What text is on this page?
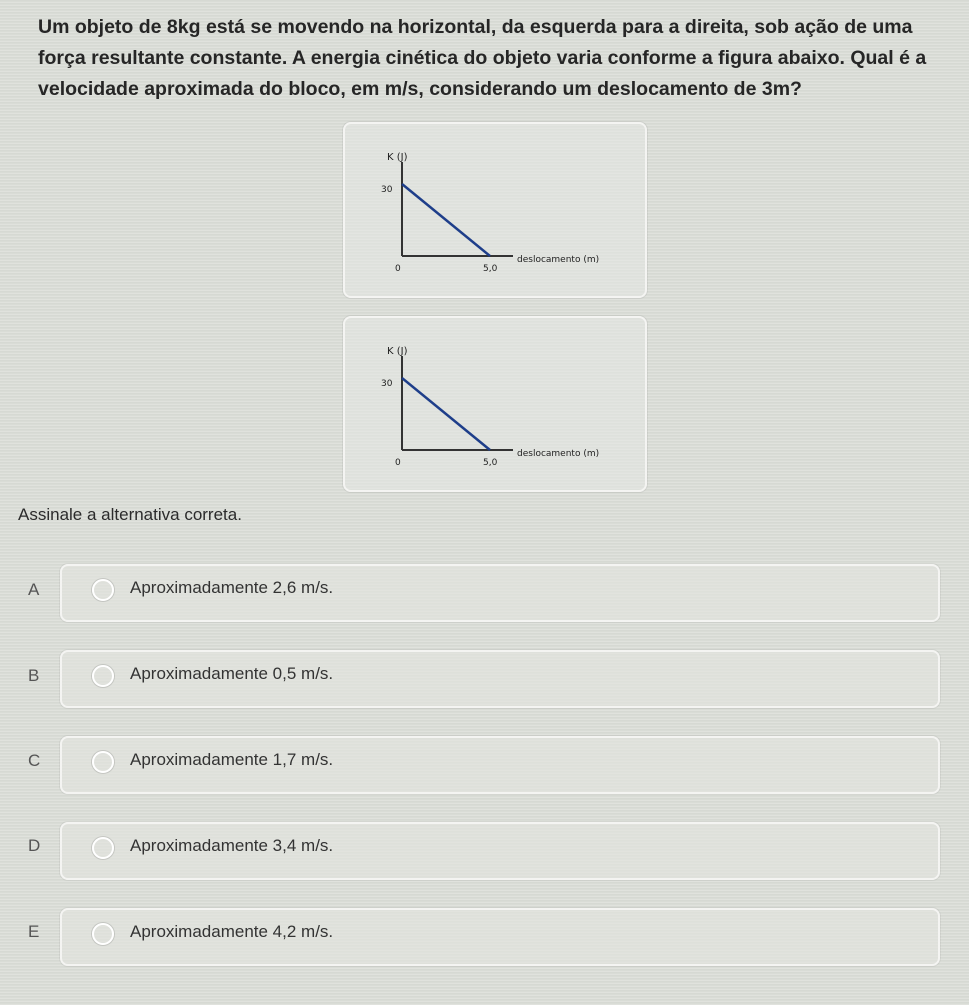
Um objeto de 8kg está se movendo na horizontal, da esquerda para a direita, sob ação de uma força resultante constante. A energia cinética do objeto varia conforme a figura abaixo. Qual é a velocidade aproximada do bloco, em m/s, considerando um deslocamento de 3m?
K (J)
30
0	5,0
deslocamento (m)
K (J)
30
0	5,0
deslocamento (m)
Assinale a alternativa correta.
A	Aproximadamente 2,6 m/s.
B	Aproximadamente 0,5 m/s.
C	Aproximadamente 1,7 m/s.
D	Aproximadamente 3,4 m/s.
E	Aproximadamente 4,2 m/s.
